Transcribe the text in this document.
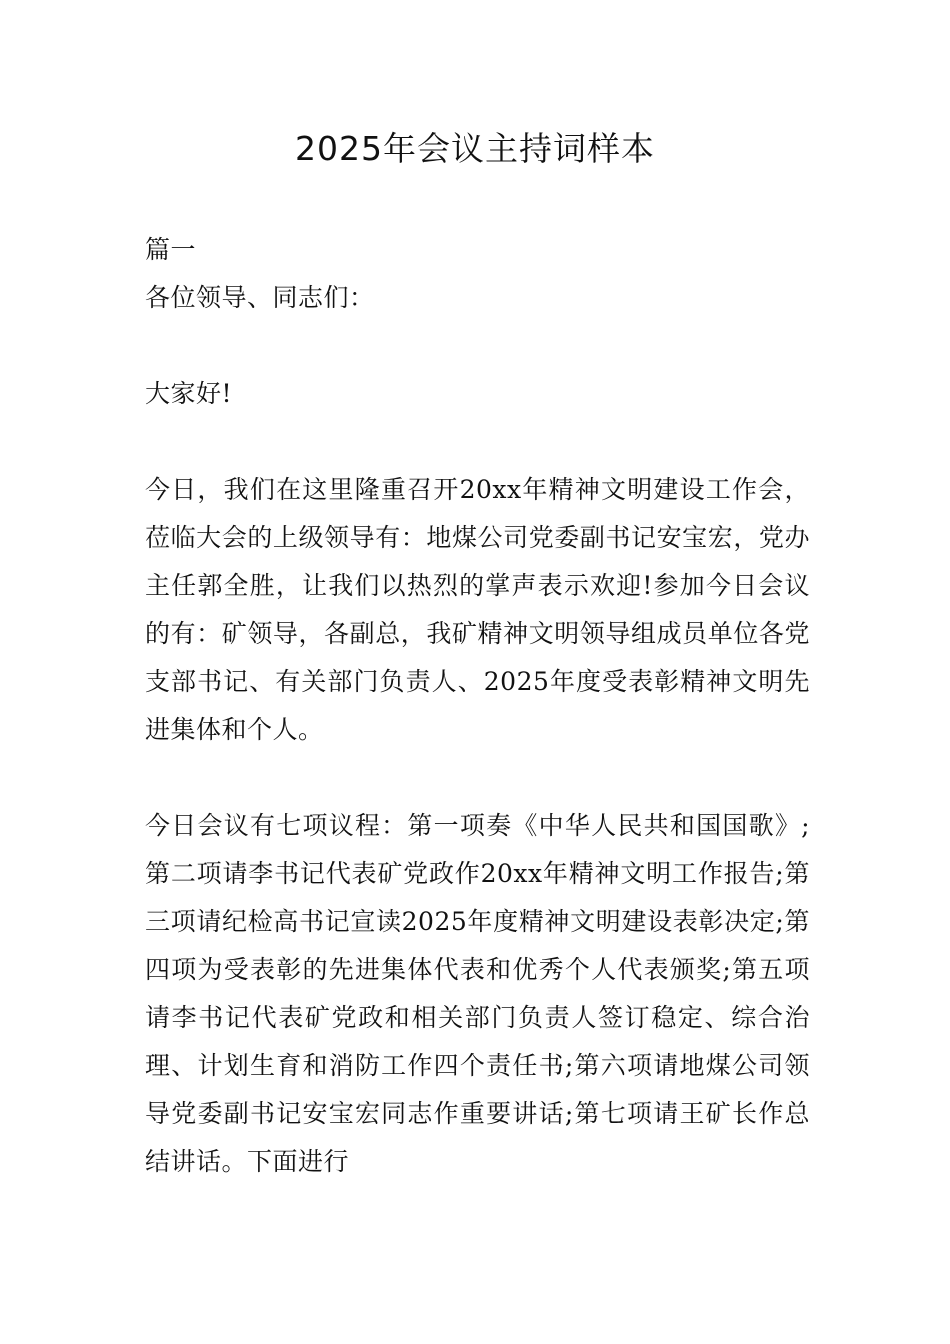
2025年会议主持词样本

篇一

各位领导、同志们：

大家好!

今日，我们在这里隆重召开20xx年精神文明建设工作会，莅临大会的上级领导有：地煤公司党委副书记安宝宏，党办主任郭全胜，让我们以热烈的掌声表示欢迎!参加今日会议的有：矿领导，各副总，我矿精神文明领导组成员单位各党支部书记、有关部门负责人、2025年度受表彰精神文明先进集体和个人。

今日会议有七项议程：第一项奏《中华人民共和国国歌》;第二项请李书记代表矿党政作20xx年精神文明工作报告;第三项请纪检高书记宣读2025年度精神文明建设表彰决定;第四项为受表彰的先进集体代表和优秀个人代表颁奖;第五项请李书记代表矿党政和相关部门负责人签订稳定、综合治理、计划生育和消防工作四个责任书;第六项请地煤公司领导党委副书记安宝宏同志作重要讲话;第七项请王矿长作总结讲话。下面进行
